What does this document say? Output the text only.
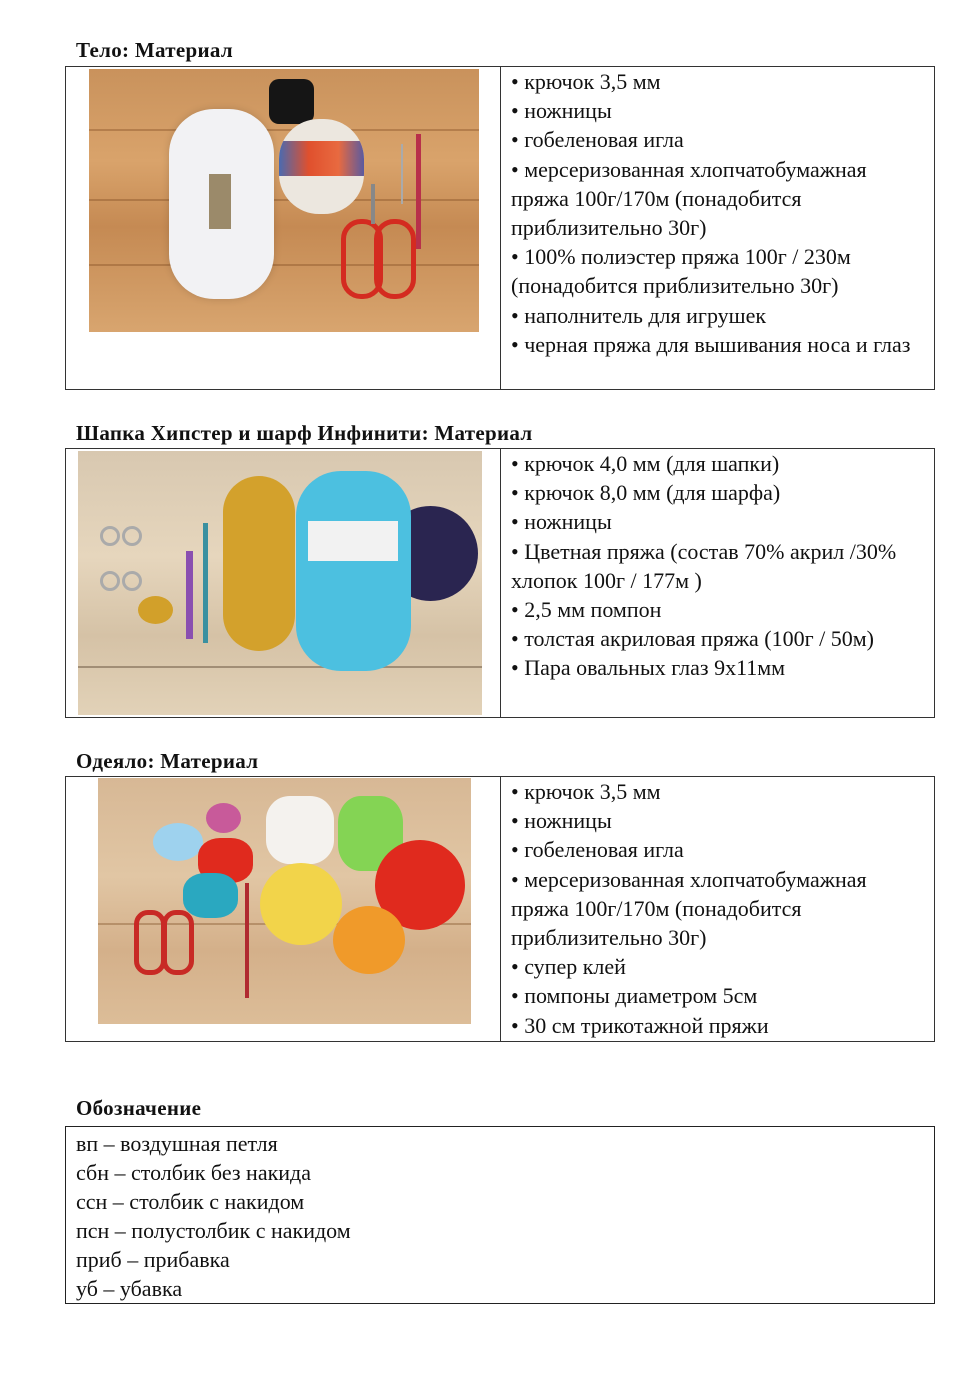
Тело: Материал
• крючок 3,5 мм
• ножницы
• гобеленовая игла
• мерсеризованная хлопчатобумажная пряжа 100г/170м (понадобится приблизительно 30г)
• 100% полиэстер пряжа 100г / 230м (понадобится приблизительно 30г)
• наполнитель для игрушек
• черная пряжа для вышивания носа и глаз
Шапка Хипстер и шарф Инфинити: Материал
• крючок 4,0 мм (для шапки)
• крючок 8,0 мм (для шарфа)
• ножницы
• Цветная пряжа (состав 70% акрил /30% хлопок 100г / 177м )
• 2,5 мм помпон
• толстая акриловая пряжа (100г / 50м)
• Пара овальных глаз 9x11мм
Одеяло: Материал
• крючок 3,5 мм
• ножницы
• гобеленовая игла
• мерсеризованная хлопчатобумажная пряжа 100г/170м (понадобится приблизительно 30г)
• супер клей
• помпоны диаметром 5см
• 30 см трикотажной пряжи
Обозначение
вп – воздушная петля
сбн – столбик без накида
ссн – столбик с накидом
псн – полустолбик с накидом
приб – прибавка
уб – убавка
